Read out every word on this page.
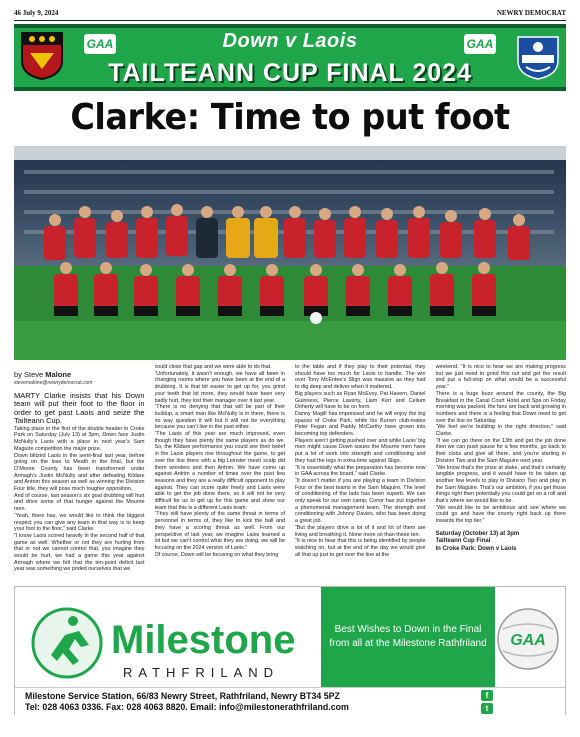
46 July 9, 2024	NEWRY DEMOCRAT
GAA	Down v Laois
TAILTEANN CUP FINAL 2024
GAA
Clarke: Time to put foot
by Steve Malone
stevemalone@newrydemocrat.com

MARTY Clarke insists that his Down team will put their foot to the floor in order to get past Laois and seize the Tailteann Cup.

Taking place in the first of the double header in Croke Park on Saturday (July 13) at 3pm, Down face Justin McNulty’s Laois with a place in next year’s Sam Maguire competition the major prize.

Down blitzed Laois in the semi-final last year, before going on the lose to Meath in the final, but the O’Moore County has been transformed under Armagh’s Justin McNulty and after defeating Kildare and Antrim this season as well as winning the Division Four title, they will pose much tougher opposition.

And of course, last season’s six goal drubbing will hurt and drive some of that hunger against the Mourne men.

“Yeah, there has, we would like to think the biggest respect you can give any team in that way is to keep your foot to the floor,” said Clarke.

“I know Laois scored heavily in the second half of that game as well. Whether or not they are hurting from that or not we cannot control that, you imagine they would be hurt, we had a game this year against Armagh where we felt that the ten-point deficit last year was something we prided ourselves that we

could close that gap and we were able to do that.

“Unfortunately, it wasn’t enough, we have all been in changing rooms where you have been at the end of a drubbing. It is that bit easier to get up for, you grind your teeth that bit more, they would have been very badly hurt, they lost their manager over it last year.

“There is no denying that that will be part of their buildup, a smart man like McNulty is in there, there is no way question it will but it will not be everything because you can’t live in the past either.

“The Laois of this year are much improved, even though they have plenty the same players as do we. So, the Kildare performance you could see their belief in the Laois players rise throughout the game, to get over the line there with a big Leinster mesh scalp did them wonders and then Antrim. We have come up against Antrim a number of times over the past few seasons and they are a really difficult opponent to play against. They can score quite freely and Laois were able to get the job done there, so it will not be very difficult for us to get up for this game and show our team that this is a different Laois team.

“They still have plenty of the same threat in terms of personnel in terms of, they like to kick the ball and they have a scoring threat as well. From our perspective of last year, we imagine Laois learned a lot but we can’t control what they are doing, we will be focusing on the 2024 version of Laois.”

Of course, Down will be focusing on what they bring

to the table and if they play to their potential, they should have too much for Laois to handle. The win over Tony McEntee’s Sligo was massive as they had to dig deep and deliver when it mattered.

Big players such as Ryan McEvoy, Pat Havern, Daniel Guinness, Pierce Laverty, Liam Kerr and Ceilum Doherty will have to be on form.

Danny Magill has impressed and he will enjoy the big spaces of Croke Park, while his Burren club-mates Peter Fegan and Paddy McCarthy have grown into becoming top defenders.

Players aren’t getting pushed over and while Laois’ big men might cause Down issues the Mourne men have put a lot of work into strength and conditioning and they had the legs in extra-time against Sligo.

“It is essentially what the preparation has become now in GAA across the board,” said Clarke.

“It doesn’t matter if you are playing a team in Division Four or the best teams in the Sam Maguire. The level of conditioning of the lads has been superb. We can only speak for our own camp; Conor has put together a phenomenal management team. The strength and conditioning with Johnny Davies, who has been doing a great job.

“But the players drive a lot of it and lot of them are living and breathing it. None more so than these ten.

“It is nice to hear that this is being identified by people watching on, but at the end of the day we would give all that up just to get over the line at the

weekend. “It is nice to hear we are making progress but we just need to grind this out and get the result and put a full-stop on what would be a successful year.”

There is a huge buzz around the county, the Big Breakfast in the Canal Court Hotel and Spa on Friday morning was packed, the fans are back and growing in numbers and there is a feeling that Down need to get over the line on Saturday.

“We feel we’re building in the right direction,” said Clarke.

“If we can go there on the 13th and get the job done then we can push pause for a few months, go back to their clubs and give all there, and you’re starting in Division Two and the Sam Maguire next year.

“We know that’s the prize at stake, and that’s certainly tangible progress, and it would have to be taken up another few levels to play in Division Two and play in the Sam Maguire. That’s our ambition, if you get those things right then potentially you could get on a roll and that’s where we would like to be.

“We would like to be ambitious and see where we could go and have the county right back up there towards the top tier.”

Saturday (October 13) at 3pm
Tailteann Cup Final
In Croke Park: Down v Laois
Milestone
RATHFRILAND

Best Wishes to Down in the Final from all at the Milestone Rathfriland	GAA
Milestone Service Station, 66/83 Newry Street, Rathfriland, Newry BT34 5PZ
Tel: 028 4063 0336. Fax: 028 4063 8820. Email: info@milestonerathfriland.com
f
t
